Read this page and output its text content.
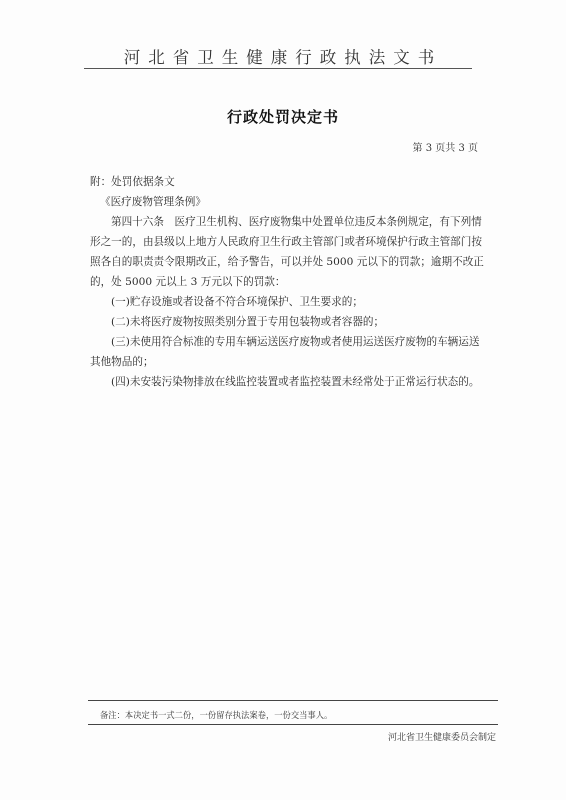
河北省卫生健康行政执法文书
行政处罚决定书
第 3 页共 3 页

附：处罚依据条文

《医疗废物管理条例》

第四十六条　医疗卫生机构、医疗废物集中处置单位违反本条例规定，有下列情形之一的，由县级以上地方人民政府卫生行政主管部门或者环境保护行政主管部门按照各自的职责责令限期改正，给予警告，可以并处 5000 元以下的罚款；逾期不改正的，处 5000 元以上 3 万元以下的罚款：

(一)贮存设施或者设备不符合环境保护、卫生要求的；

(二)未将医疗废物按照类别分置于专用包装物或者容器的；

(三)未使用符合标准的专用车辆运送医疗废物或者使用运送医疗废物的车辆运送其他物品的；

(四)未安装污染物排放在线监控装置或者监控装置未经常处于正常运行状态的。

备注：本决定书一式二份，一份留存执法案卷，一份交当事人。
河北省卫生健康委员会制定
